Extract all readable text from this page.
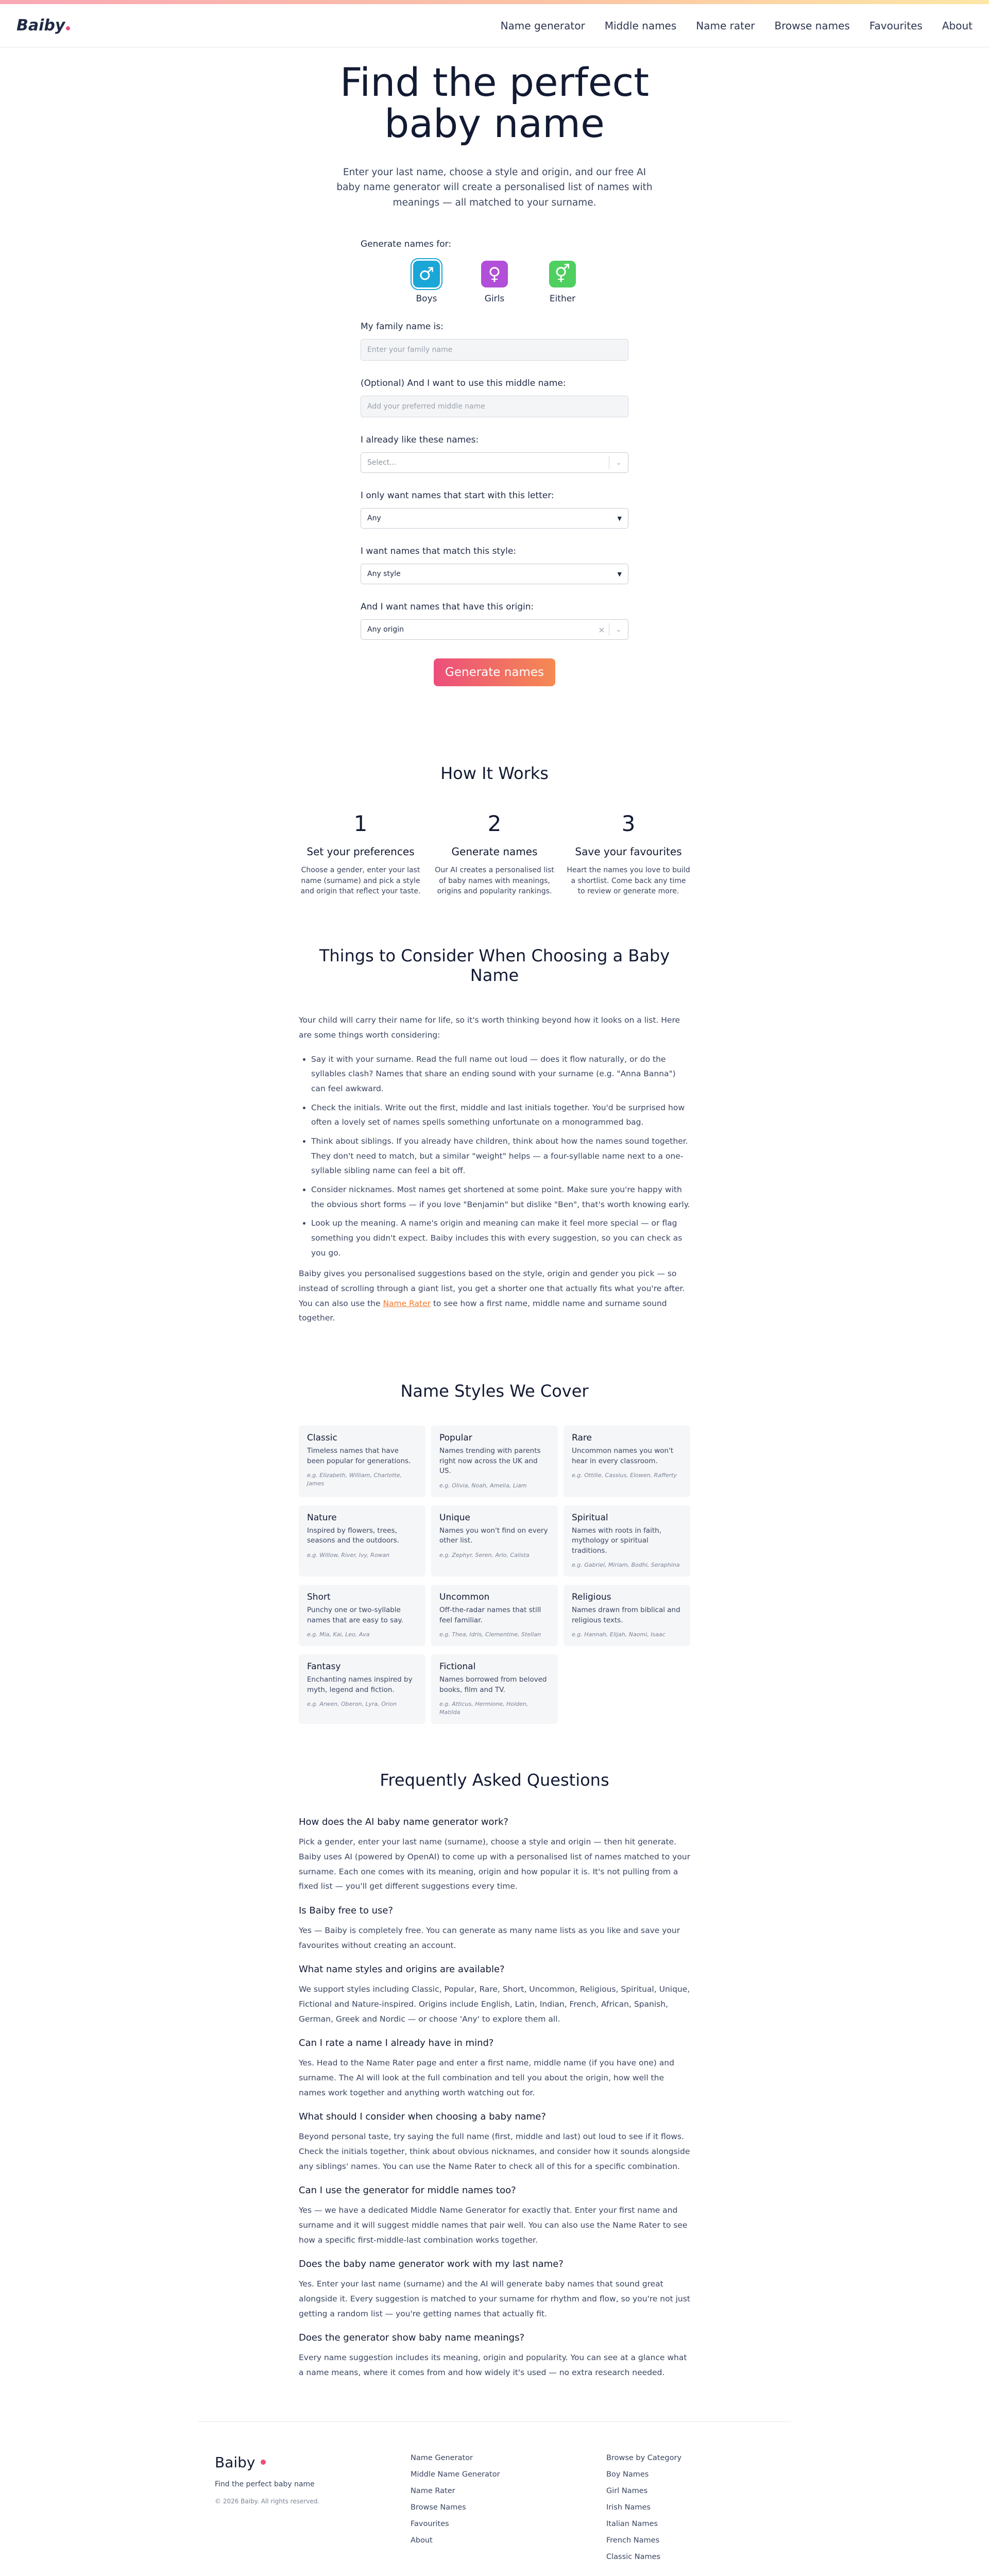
Baiby	Name generator Middle names Name rater Browse names Favourites About
Find the perfect baby name

Enter your last name, choose a style and origin, and our free AI baby name generator will create a personalised list of names with meanings — all matched to your surname.

Generate names for:
♂
Boys
♀
Girls
⚥
Either
My family name is:
Enter your family name
(Optional) And I want to use this middle name:
Add your preferred middle name
I already like these names:
Select...	⌄
I only want names that start with this letter:
Any	▼
I want names that match this style:
Any style	▼
And I want names that have this origin:
Any origin	×	⌄
Generate names
How It Works
1
Set your preferences
Choose a gender, enter your last name (surname) and pick a style and origin that reflect your taste.
2
Generate names
Our AI creates a personalised list of baby names with meanings, origins and popularity rankings.
3
Save your favourites
Heart the names you love to build a shortlist. Come back any time to review or generate more.
Things to Consider When Choosing a Baby Name

Your child will carry their name for life, so it's worth thinking beyond how it looks on a list. Here are some things worth considering:

• Say it with your surname. Read the full name out loud — does it flow naturally, or do the syllables clash? Names that share an ending sound with your surname (e.g. "Anna Banna") can feel awkward.
• Check the initials. Write out the first, middle and last initials together. You'd be surprised how often a lovely set of names spells something unfortunate on a monogrammed bag.
• Think about siblings. If you already have children, think about how the names sound together. They don't need to match, but a similar "weight" helps — a four-syllable name next to a one-syllable sibling name can feel a bit off.
• Consider nicknames. Most names get shortened at some point. Make sure you're happy with the obvious short forms — if you love "Benjamin" but dislike "Ben", that's worth knowing early.
• Look up the meaning. A name's origin and meaning can make it feel more special — or flag something you didn't expect. Baiby includes this with every suggestion, so you can check as you go.

Baiby gives you personalised suggestions based on the style, origin and gender you pick — so instead of scrolling through a giant list, you get a shorter one that actually fits what you're after. You can also use the Name Rater to see how a first name, middle name and surname sound together.

Name Styles We Cover
Classic
Timeless names that have been popular for generations.
e.g. Elizabeth, William, Charlotte, James
Popular
Names trending with parents right now across the UK and US.
e.g. Olivia, Noah, Amelia, Liam
Rare
Uncommon names you won't hear in every classroom.
e.g. Ottilie, Cassius, Elowen, Rafferty
Nature
Inspired by flowers, trees, seasons and the outdoors.
e.g. Willow, River, Ivy, Rowan
Unique
Names you won't find on every other list.
e.g. Zephyr, Seren, Arlo, Calista
Spiritual
Names with roots in faith, mythology or spiritual traditions.
e.g. Gabriel, Miriam, Bodhi, Seraphina
Short
Punchy one or two-syllable names that are easy to say.
e.g. Mia, Kai, Leo, Ava
Uncommon
Off-the-radar names that still feel familiar.
e.g. Thea, Idris, Clementine, Stellan
Religious
Names drawn from biblical and religious texts.
e.g. Hannah, Elijah, Naomi, Isaac
Fantasy
Enchanting names inspired by myth, legend and fiction.
e.g. Arwen, Oberon, Lyra, Orion
Fictional
Names borrowed from beloved books, film and TV.
e.g. Atticus, Hermione, Holden, Matilda
Frequently Asked Questions
How does the AI baby name generator work?
Pick a gender, enter your last name (surname), choose a style and origin — then hit generate. Baiby uses AI (powered by OpenAI) to come up with a personalised list of names matched to your surname. Each one comes with its meaning, origin and how popular it is. It's not pulling from a fixed list — you'll get different suggestions every time.
Is Baiby free to use?
Yes — Baiby is completely free. You can generate as many name lists as you like and save your favourites without creating an account.
What name styles and origins are available?
We support styles including Classic, Popular, Rare, Short, Uncommon, Religious, Spiritual, Unique, Fictional and Nature-inspired. Origins include English, Latin, Indian, French, African, Spanish, German, Greek and Nordic — or choose 'Any' to explore them all.
Can I rate a name I already have in mind?
Yes. Head to the Name Rater page and enter a first name, middle name (if you have one) and surname. The AI will look at the full combination and tell you about the origin, how well the names work together and anything worth watching out for.
What should I consider when choosing a baby name?
Beyond personal taste, try saying the full name (first, middle and last) out loud to see if it flows. Check the initials together, think about obvious nicknames, and consider how it sounds alongside any siblings' names. You can use the Name Rater to check all of this for a specific combination.
Can I use the generator for middle names too?
Yes — we have a dedicated Middle Name Generator for exactly that. Enter your first name and surname and it will suggest middle names that pair well. You can also use the Name Rater to see how a specific first-middle-last combination works together.
Does the baby name generator work with my last name?
Yes. Enter your last name (surname) and the AI will generate baby names that sound great alongside it. Every suggestion is matched to your surname for rhythm and flow, so you're not just getting a random list — you're getting names that actually fit.
Does the generator show baby name meanings?
Every name suggestion includes its meaning, origin and popularity. You can see at a glance what a name means, where it comes from and how widely it's used — no extra research needed.
Baiby
Find the perfect baby name
© 2026 Baiby. All rights reserved.
Name Generator
Middle Name Generator
Name Rater
Browse Names
Favourites
About
Browse by Category
Boy Names
Girl Names
Irish Names
Italian Names
French Names
Classic Names
